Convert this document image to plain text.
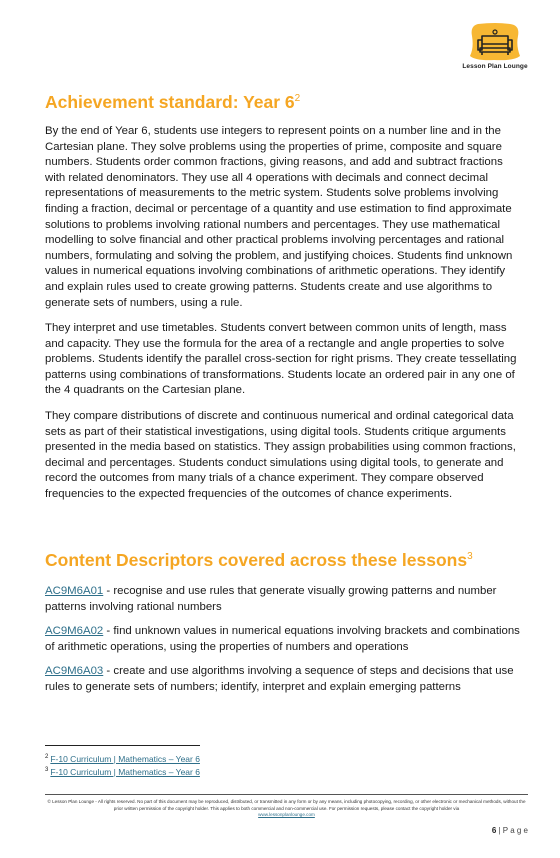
Lesson Plan Lounge
Achievement standard: Year $6^2$

By the end of Year 6, students use integers to represent points on a number line and in the Cartesian plane. They solve problems using the properties of prime, composite and square numbers. Students order common fractions, giving reasons, and add and subtract fractions with related denominators. They use all 4 operations with decimals and connect decimal representations of measurements to the metric system. Students solve problems involving finding a fraction, decimal or percentage of a quantity and use estimation to find approximate solutions to problems involving rational numbers and percentages. They use mathematical modelling to solve financial and other practical problems involving percentages and rational numbers, formulating and solving the problem, and justifying choices. Students find unknown values in numerical equations involving combinations of arithmetic operations. They identify and explain rules used to create growing patterns. Students create and use algorithms to generate sets of numbers, using a rule.

They interpret and use timetables. Students convert between common units of length, mass and capacity. They use the formula for the area of a rectangle and angle properties to solve problems. Students identify the parallel cross-section for right prisms. They create tessellating patterns using combinations of transformations. Students locate an ordered pair in any one of the 4 quadrants on the Cartesian plane.

They compare distributions of discrete and continuous numerical and ordinal categorical data sets as part of their statistical investigations, using digital tools. Students critique arguments presented in the media based on statistics. They assign probabilities using common fractions, decimal and percentages. Students conduct simulations using digital tools, to generate and record the outcomes from many trials of a chance experiment. They compare observed frequencies to the expected frequencies of the outcomes of chance experiments.

Content Descriptors covered across these lessons$^3$

AC9M6A01 - recognise and use rules that generate visually growing patterns and number patterns involving rational numbers

AC9M6A02 - find unknown values in numerical equations involving brackets and combinations of arithmetic operations, using the properties of numbers and operations

AC9M6A03 - create and use algorithms involving a sequence of steps and decisions that use rules to generate sets of numbers; identify, interpret and explain emerging patterns

$^2$ F-10 Curriculum | Mathematics – Year 6
$^3$ F-10 Curriculum | Mathematics – Year 6
© Lesson Plan Lounge - All rights reserved. No part of this document may be reproduced, distributed, or transmitted in any form or by any means, including photocopying, recording, or other electronic or mechanical methods, without the prior written permission of the copyright holder. This applies to both commercial and non-commercial use. For permission requests, please contact the copyright holder via
www.lessonplanlounge.com
6 | P a g e
